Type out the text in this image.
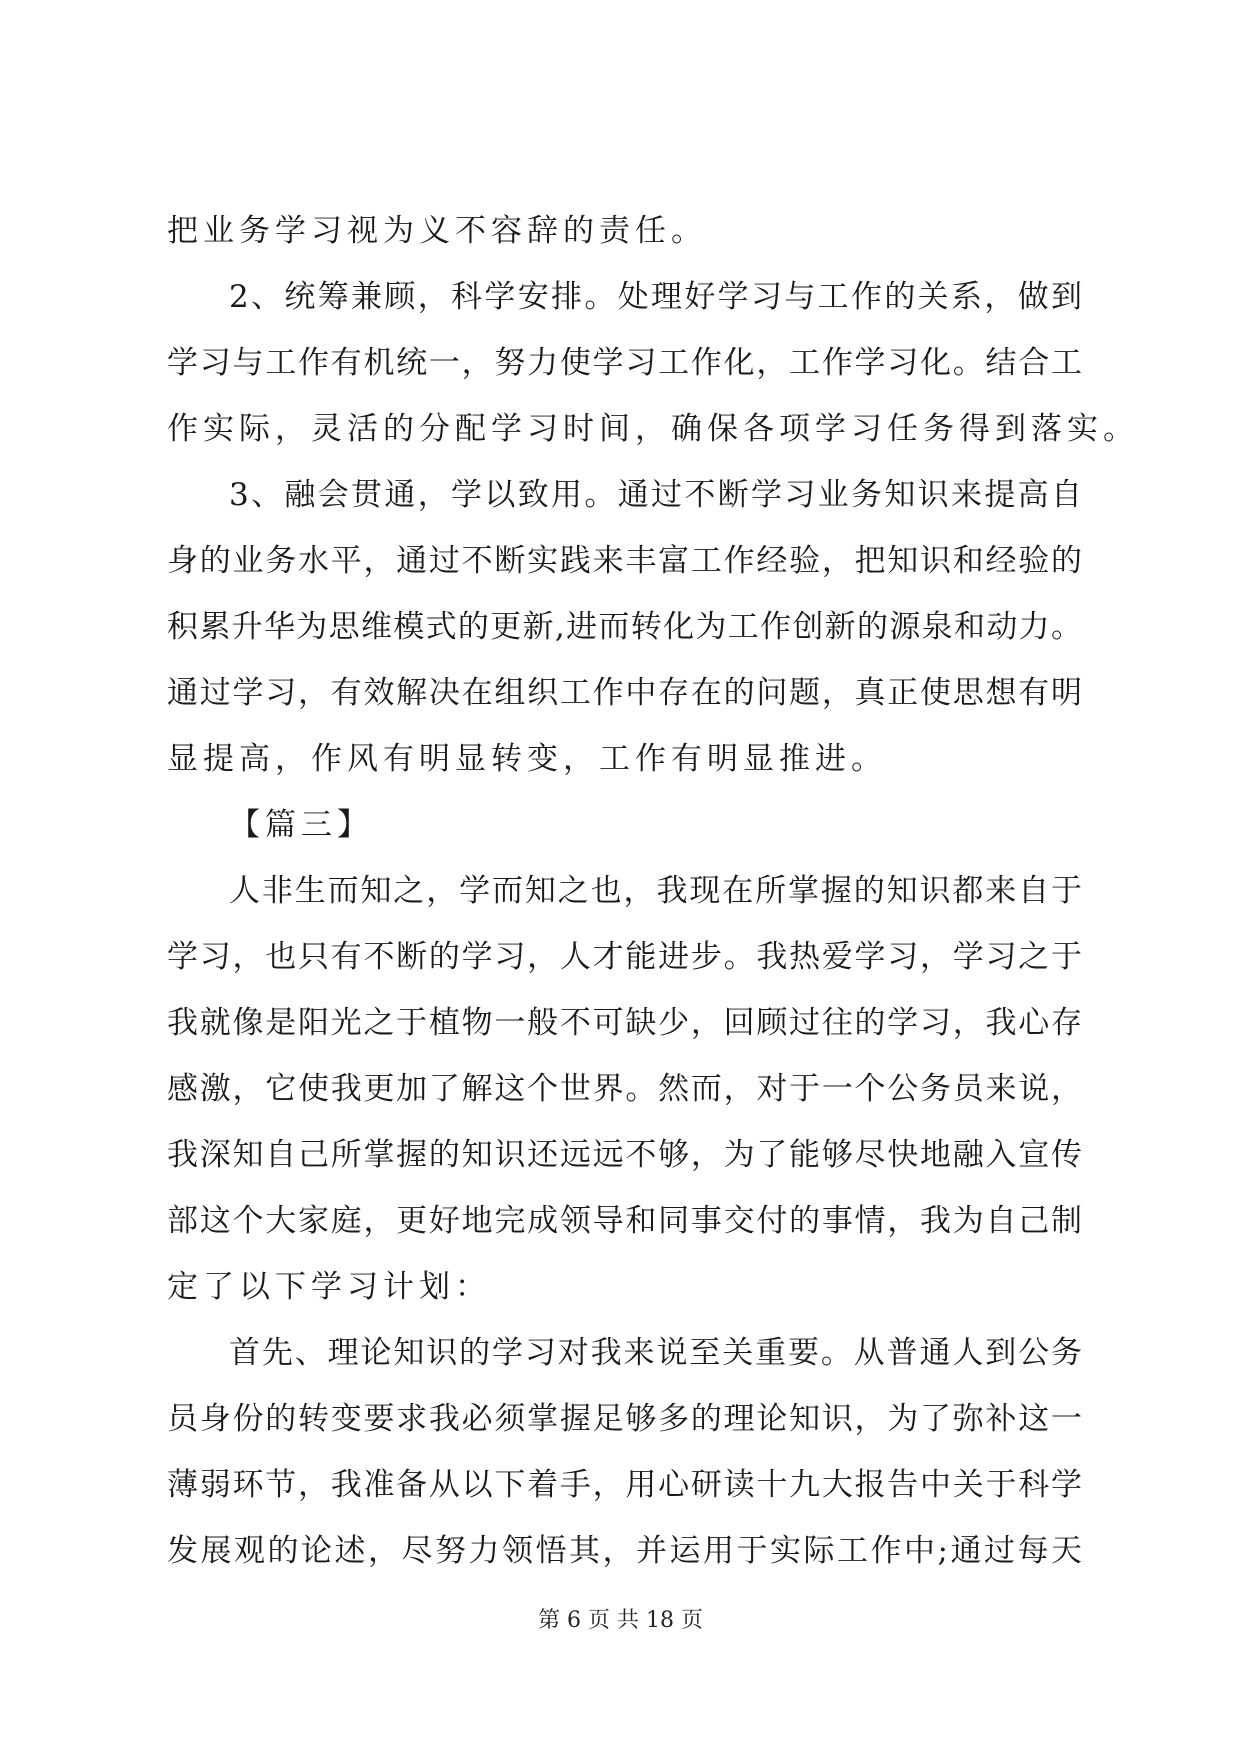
把业务学习视为义不容辞的责任。
2、统筹兼顾，科学安排。处理好学习与工作的关系，做到
学习与工作有机统一，努力使学习工作化，工作学习化。结合工
作实际，灵活的分配学习时间，确保各项学习任务得到落实。
3、融会贯通，学以致用。通过不断学习业务知识来提高自
身的业务水平，通过不断实践来丰富工作经验，把知识和经验的
积累升华为思维模式的更新,进而转化为工作创新的源泉和动力。
通过学习，有效解决在组织工作中存在的问题，真正使思想有明
显提高，作风有明显转变，工作有明显推进。
【篇三】
人非生而知之，学而知之也，我现在所掌握的知识都来自于
学习，也只有不断的学习，人才能进步。我热爱学习，学习之于
我就像是阳光之于植物一般不可缺少，回顾过往的学习，我心存
感激，它使我更加了解这个世界。然而，对于一个公务员来说，
我深知自己所掌握的知识还远远不够，为了能够尽快地融入宣传
部这个大家庭，更好地完成领导和同事交付的事情，我为自己制
定了以下学习计划：
首先、理论知识的学习对我来说至关重要。从普通人到公务
员身份的转变要求我必须掌握足够多的理论知识，为了弥补这一
薄弱环节，我准备从以下着手，用心研读十九大报告中关于科学
发展观的论述，尽努力领悟其，并运用于实际工作中;通过每天
第 6 页 共 18 页
